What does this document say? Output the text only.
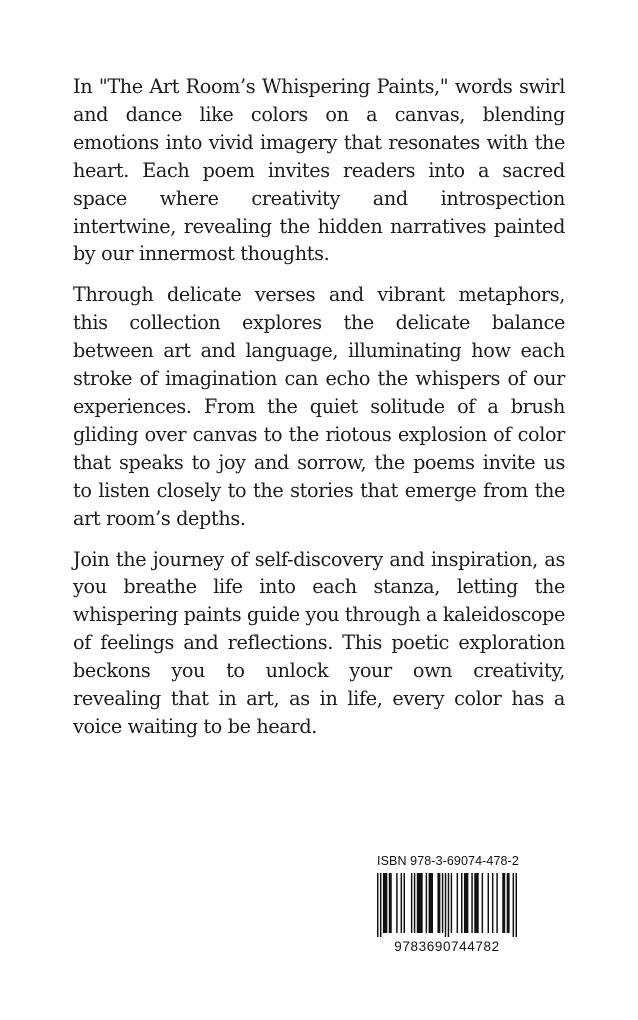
In "The Art Room’s Whispering Paints," words swirl and dance like colors on a canvas, blending emotions into vivid imagery that resonates with the heart. Each poem invites readers into a sacred space where creativity and introspection intertwine, revealing the hidden narratives painted by our innermost thoughts.

Through delicate verses and vibrant metaphors, this collection explores the delicate balance between art and language, illuminating how each stroke of imagination can echo the whispers of our experiences. From the quiet solitude of a brush gliding over canvas to the riotous explosion of color that speaks to joy and sorrow, the poems invite us to listen closely to the stories that emerge from the art room’s depths.

Join the journey of self-discovery and inspiration, as you breathe life into each stanza, letting the whispering paints guide you through a kaleidoscope of feelings and reflections. This poetic exploration beckons you to unlock your own creativity, revealing that in art, as in life, every color has a voice waiting to be heard.

ISBN 978-3-69074-478-2
9783690744782
